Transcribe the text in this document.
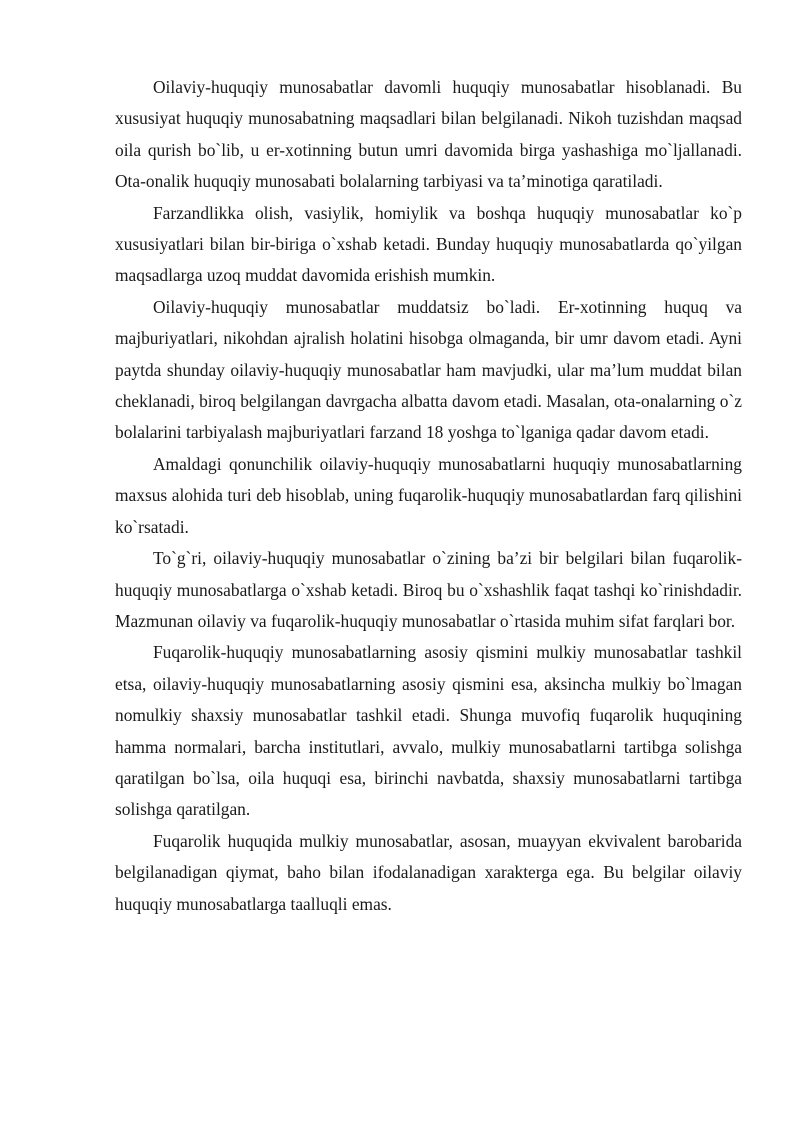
Oilaviy-huquqiy munosabatlar davomli huquqiy munosabatlar hisoblanadi. Bu xususiyat huquqiy munosabatning maqsadlari bilan belgilanadi. Nikoh tuzishdan maqsad oila qurish bo`lib, u er-xotinning butun umri davomida birga yashashiga mo`ljallanadi. Ota-onalik huquqiy munosabati bolalarning tarbiyasi va ta’minotiga qaratiladi.

Farzandlikka olish, vasiylik, homiylik va boshqa huquqiy munosabatlar ko`p xususiyatlari bilan bir-biriga o`xshab ketadi. Bunday huquqiy munosabatlarda qo`yilgan maqsadlarga uzoq muddat davomida erishish mumkin.

Oilaviy-huquqiy munosabatlar muddatsiz bo`ladi. Er-xotinning huquq va majburiyatlari, nikohdan ajralish holatini hisobga olmaganda, bir umr davom etadi. Ayni paytda shunday oilaviy-huquqiy munosabatlar ham mavjudki, ular ma’lum muddat bilan cheklanadi, biroq belgilangan davrgacha albatta davom etadi. Masalan, ota-onalarning o`z bolalarini tarbiyalash majburiyatlari farzand 18 yoshga to`lganiga qadar davom etadi.

Amaldagi qonunchilik oilaviy-huquqiy munosabatlarni huquqiy munosabatlarning maxsus alohida turi deb hisoblab, uning fuqarolik-huquqiy munosabatlardan farq qilishini ko`rsatadi.

To`g`ri, oilaviy-huquqiy munosabatlar o`zining ba’zi bir belgilari bilan fuqarolik-huquqiy munosabatlarga o`xshab ketadi. Biroq bu o`xshashlik faqat tashqi ko`rinishdadir. Mazmunan oilaviy va fuqarolik-huquqiy munosabatlar o`rtasida muhim sifat farqlari bor.

Fuqarolik-huquqiy munosabatlarning asosiy qismini mulkiy munosabatlar tashkil etsa, oilaviy-huquqiy munosabatlarning asosiy qismini esa, aksincha mulkiy bo`lmagan nomulkiy shaxsiy munosabatlar tashkil etadi. Shunga muvofiq fuqarolik huquqining hamma normalari, barcha institutlari, avvalo, mulkiy munosabatlarni tartibga solishga qaratilgan bo`lsa, oila huquqi esa, birinchi navbatda, shaxsiy munosabatlarni tartibga solishga qaratilgan.

Fuqarolik huquqida mulkiy munosabatlar, asosan, muayyan ekvivalent barobarida belgilanadigan qiymat, baho bilan ifodalanadigan xarakterga ega. Bu belgilar oilaviy huquqiy munosabatlarga taalluqli emas.
